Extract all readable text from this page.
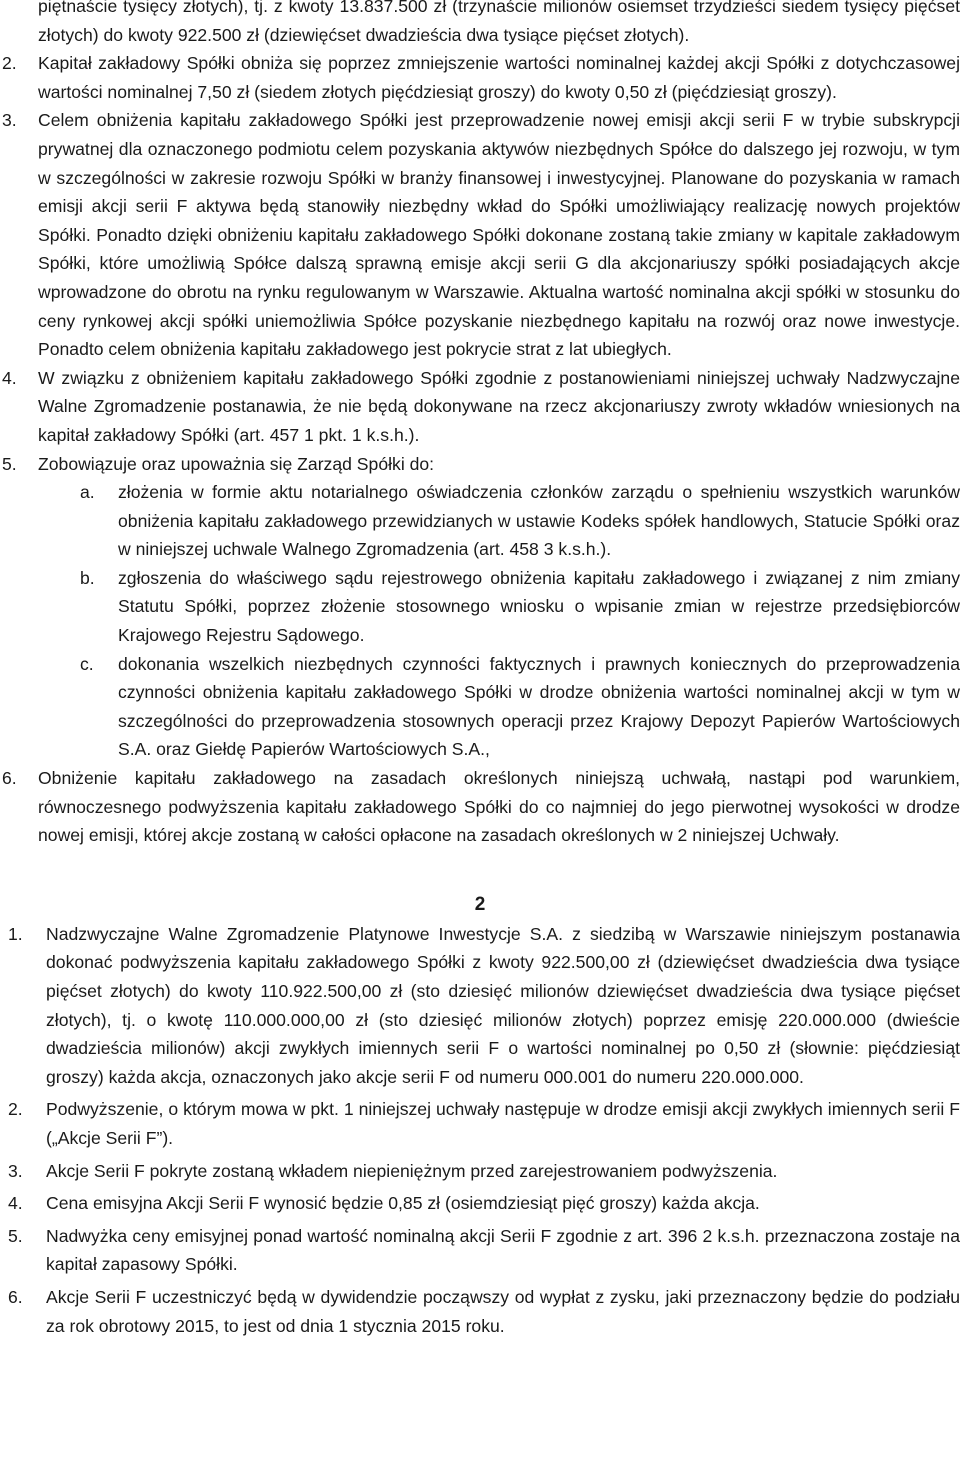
piętnaście tysięcy złotych), tj. z kwoty 13.837.500 zł (trzynaście milionów osiemset trzydzieści siedem tysięcy pięćset złotych) do kwoty 922.500 zł (dziewięćset dwadzieścia dwa tysiące pięćset złotych).

2. Kapitał zakładowy Spółki obniża się poprzez zmniejszenie wartości nominalnej każdej akcji Spółki z dotychczasowej wartości nominalnej 7,50 zł (siedem złotych pięćdziesiąt groszy) do kwoty 0,50 zł (pięćdziesiąt groszy).

3. Celem obniżenia kapitału zakładowego Spółki jest przeprowadzenie nowej emisji akcji serii F w trybie subskrypcji prywatnej dla oznaczonego podmiotu celem pozyskania aktywów niezbędnych Spółce do dalszego jej rozwoju, w tym w szczególności w zakresie rozwoju Spółki w branży finansowej i inwestycyjnej. Planowane do pozyskania w ramach emisji akcji serii F aktywa będą stanowiły niezbędny wkład do Spółki umożliwiający realizację nowych projektów Spółki. Ponadto dzięki obniżeniu kapitału zakładowego Spółki dokonane zostaną takie zmiany w kapitale zakładowym Spółki, które umożliwią Spółce dalszą sprawną emisje akcji serii G dla akcjonariuszy spółki posiadających akcje wprowadzone do obrotu na rynku regulowanym w Warszawie. Aktualna wartość nominalna akcji spółki w stosunku do ceny rynkowej akcji spółki uniemożliwia Spółce pozyskanie niezbędnego kapitału na rozwój oraz nowe inwestycje. Ponadto celem obniżenia kapitału zakładowego jest pokrycie strat z lat ubiegłych.

4. W związku z obniżeniem kapitału zakładowego Spółki zgodnie z postanowieniami niniejszej uchwały Nadzwyczajne Walne Zgromadzenie postanawia, że nie będą dokonywane na rzecz akcjonariuszy zwroty wkładów wniesionych na kapitał zakładowy Spółki (art. 457 1 pkt. 1 k.s.h.).

5. Zobowiązuje oraz upoważnia się Zarząd Spółki do:

a. złożenia w formie aktu notarialnego oświadczenia członków zarządu o spełnieniu wszystkich warunków obniżenia kapitału zakładowego przewidzianych w ustawie Kodeks spółek handlowych, Statucie Spółki oraz w niniejszej uchwale Walnego Zgromadzenia (art. 458 3 k.s.h.).

b. zgłoszenia do właściwego sądu rejestrowego obniżenia kapitału zakładowego i związanej z nim zmiany Statutu Spółki, poprzez złożenie stosownego wniosku o wpisanie zmian w rejestrze przedsiębiorców Krajowego Rejestru Sądowego.

c. dokonania wszelkich niezbędnych czynności faktycznych i prawnych koniecznych do przeprowadzenia czynności obniżenia kapitału zakładowego Spółki w drodze obniżenia wartości nominalnej akcji w tym w szczególności do przeprowadzenia stosownych operacji przez Krajowy Depozyt Papierów Wartościowych S.A. oraz Giełdę Papierów Wartościowych S.A.,

6. Obniżenie kapitału zakładowego na zasadach określonych niniejszą uchwałą, nastąpi pod warunkiem, równoczesnego podwyższenia kapitału zakładowego Spółki do co najmniej do jego pierwotnej wysokości w drodze nowej emisji, której akcje zostaną w całości opłacone na zasadach określonych w 2 niniejszej Uchwały.

2

1. Nadzwyczajne Walne Zgromadzenie Platynowe Inwestycje S.A. z siedzibą w Warszawie niniejszym postanawia dokonać podwyższenia kapitału zakładowego Spółki z kwoty 922.500,00 zł (dziewięćset dwadzieścia dwa tysiące pięćset złotych) do kwoty 110.922.500,00 zł (sto dziesięć milionów dziewięćset dwadzieścia dwa tysiące pięćset złotych), tj. o kwotę 110.000.000,00 zł (sto dziesięć milionów złotych) poprzez emisję 220.000.000 (dwieście dwadzieścia milionów) akcji zwykłych imiennych serii F o wartości nominalnej po 0,50 zł (słownie: pięćdziesiąt groszy) każda akcja, oznaczonych jako akcje serii F od numeru 000.001 do numeru 220.000.000.

2. Podwyższenie, o którym mowa w pkt. 1 niniejszej uchwały następuje w drodze emisji akcji zwykłych imiennych serii F („Akcje Serii F”).

3. Akcje Serii F pokryte zostaną wkładem niepieniężnym przed zarejestrowaniem podwyższenia.

4. Cena emisyjna Akcji Serii F wynosić będzie 0,85 zł (osiemdziesiąt pięć groszy) każda akcja.

5. Nadwyżka ceny emisyjnej ponad wartość nominalną akcji Serii F zgodnie z art. 396 2 k.s.h. przeznaczona zostaje na kapitał zapasowy Spółki.

6. Akcje Serii F uczestniczyć będą w dywidendzie począwszy od wypłat z zysku, jaki przeznaczony będzie do podziału za rok obrotowy 2015, to jest od dnia 1 stycznia 2015 roku.
